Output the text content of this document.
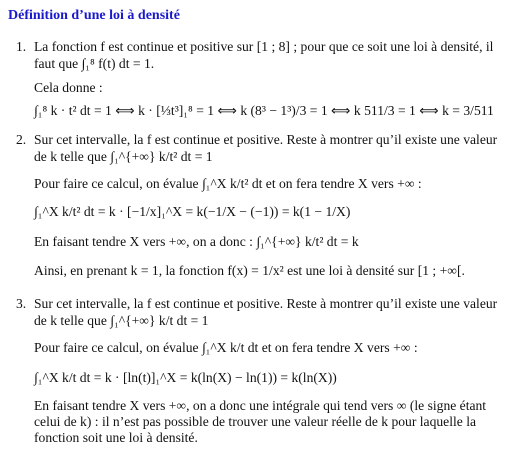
Définition d’une loi à densité
1. La fonction f est continue et positive sur [1 ; 8] ; pour que ce soit une loi à densité, il
faut que ∫₁⁸ f(t) dt = 1.
Cela donne :
∫₁⁸ k · t² dt = 1 ⟺ k · [⅓t³]₁⁸ = 1 ⟺ k (8³ − 1³)/3 = 1 ⟺ k 511/3 = 1 ⟺ k = 3/511
2. Sur cet intervalle, la f est continue et positive. Reste à montrer qu’il existe une valeur
de k telle que ∫₁^{+∞} k/t² dt = 1
Pour faire ce calcul, on évalue ∫₁^X k/t² dt et on fera tendre X vers +∞ :
∫₁^X k/t² dt = k · [−1/x]₁^X = k(−1/X − (−1)) = k(1 − 1/X)
En faisant tendre X vers +∞, on a donc : ∫₁^{+∞} k/t² dt = k
Ainsi, en prenant k = 1, la fonction f(x) = 1/x² est une loi à densité sur [1 ; +∞[.
3. Sur cet intervalle, la f est continue et positive. Reste à montrer qu’il existe une valeur
de k telle que ∫₁^{+∞} k/t dt = 1
Pour faire ce calcul, on évalue ∫₁^X k/t dt et on fera tendre X vers +∞ :
∫₁^X k/t dt = k · [ln(t)]₁^X = k(ln(X) − ln(1)) = k(ln(X))
En faisant tendre X vers +∞, on a donc une intégrale qui tend vers ∞ (le signe étant
celui de k) : il n’est pas possible de trouver une valeur réelle de k pour laquelle la
fonction soit une loi à densité.
